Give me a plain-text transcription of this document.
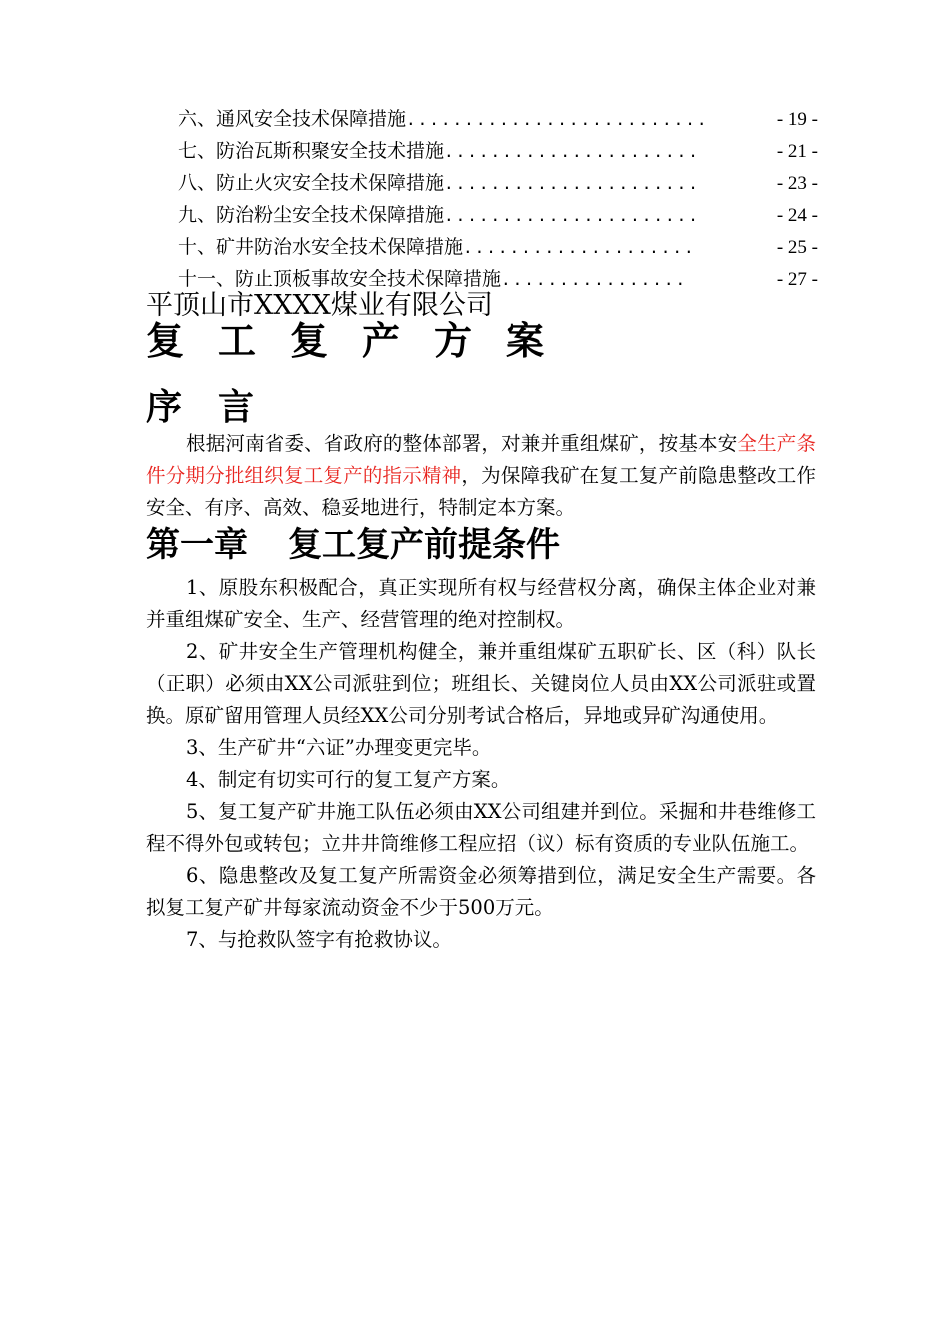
六、通风安全技术保障措施 ..........................	- 19 -
七、防治瓦斯积聚安全技术措施 ......................	- 21 -
八、防止火灾安全技术保障措施 ......................	- 23 -
九、防治粉尘安全技术保障措施 ......................	- 24 -
十、矿井防治水安全技术保障措施 ....................	- 25 -
十一、防止顶板事故安全技术保障措施 ................	- 27 -
平顶山市XXXX煤业有限公司
复工复产方案
序言

根据河南省委、省政府的整体部署，对兼并重组煤矿，按基本安全生产条件分期分批组织复工复产的指示精神，为保障我矿在复工复产前隐患整改工作安全、有序、高效、稳妥地进行，特制定本方案。

第一章 复工复产前提条件

1、原股东积极配合，真正实现所有权与经营权分离，确保主体企业对兼并重组煤矿安全、生产、经营管理的绝对控制权。

2、矿井安全生产管理机构健全，兼并重组煤矿五职矿长、区（科）队长（正职）必须由XX公司派驻到位；班组长、关键岗位人员由XX公司派驻或置换。原矿留用管理人员经XX公司分别考试合格后，异地或异矿沟通使用。

3、生产矿井“六证”办理变更完毕。

4、制定有切实可行的复工复产方案。

5、复工复产矿井施工队伍必须由XX公司组建并到位。采掘和井巷维修工程不得外包或转包；立井井筒维修工程应招（议）标有资质的专业队伍施工。

6、隐患整改及复工复产所需资金必须筹措到位，满足安全生产需要。各拟复工复产矿井每家流动资金不少于500万元。

7、与抢救队签字有抢救协议。
